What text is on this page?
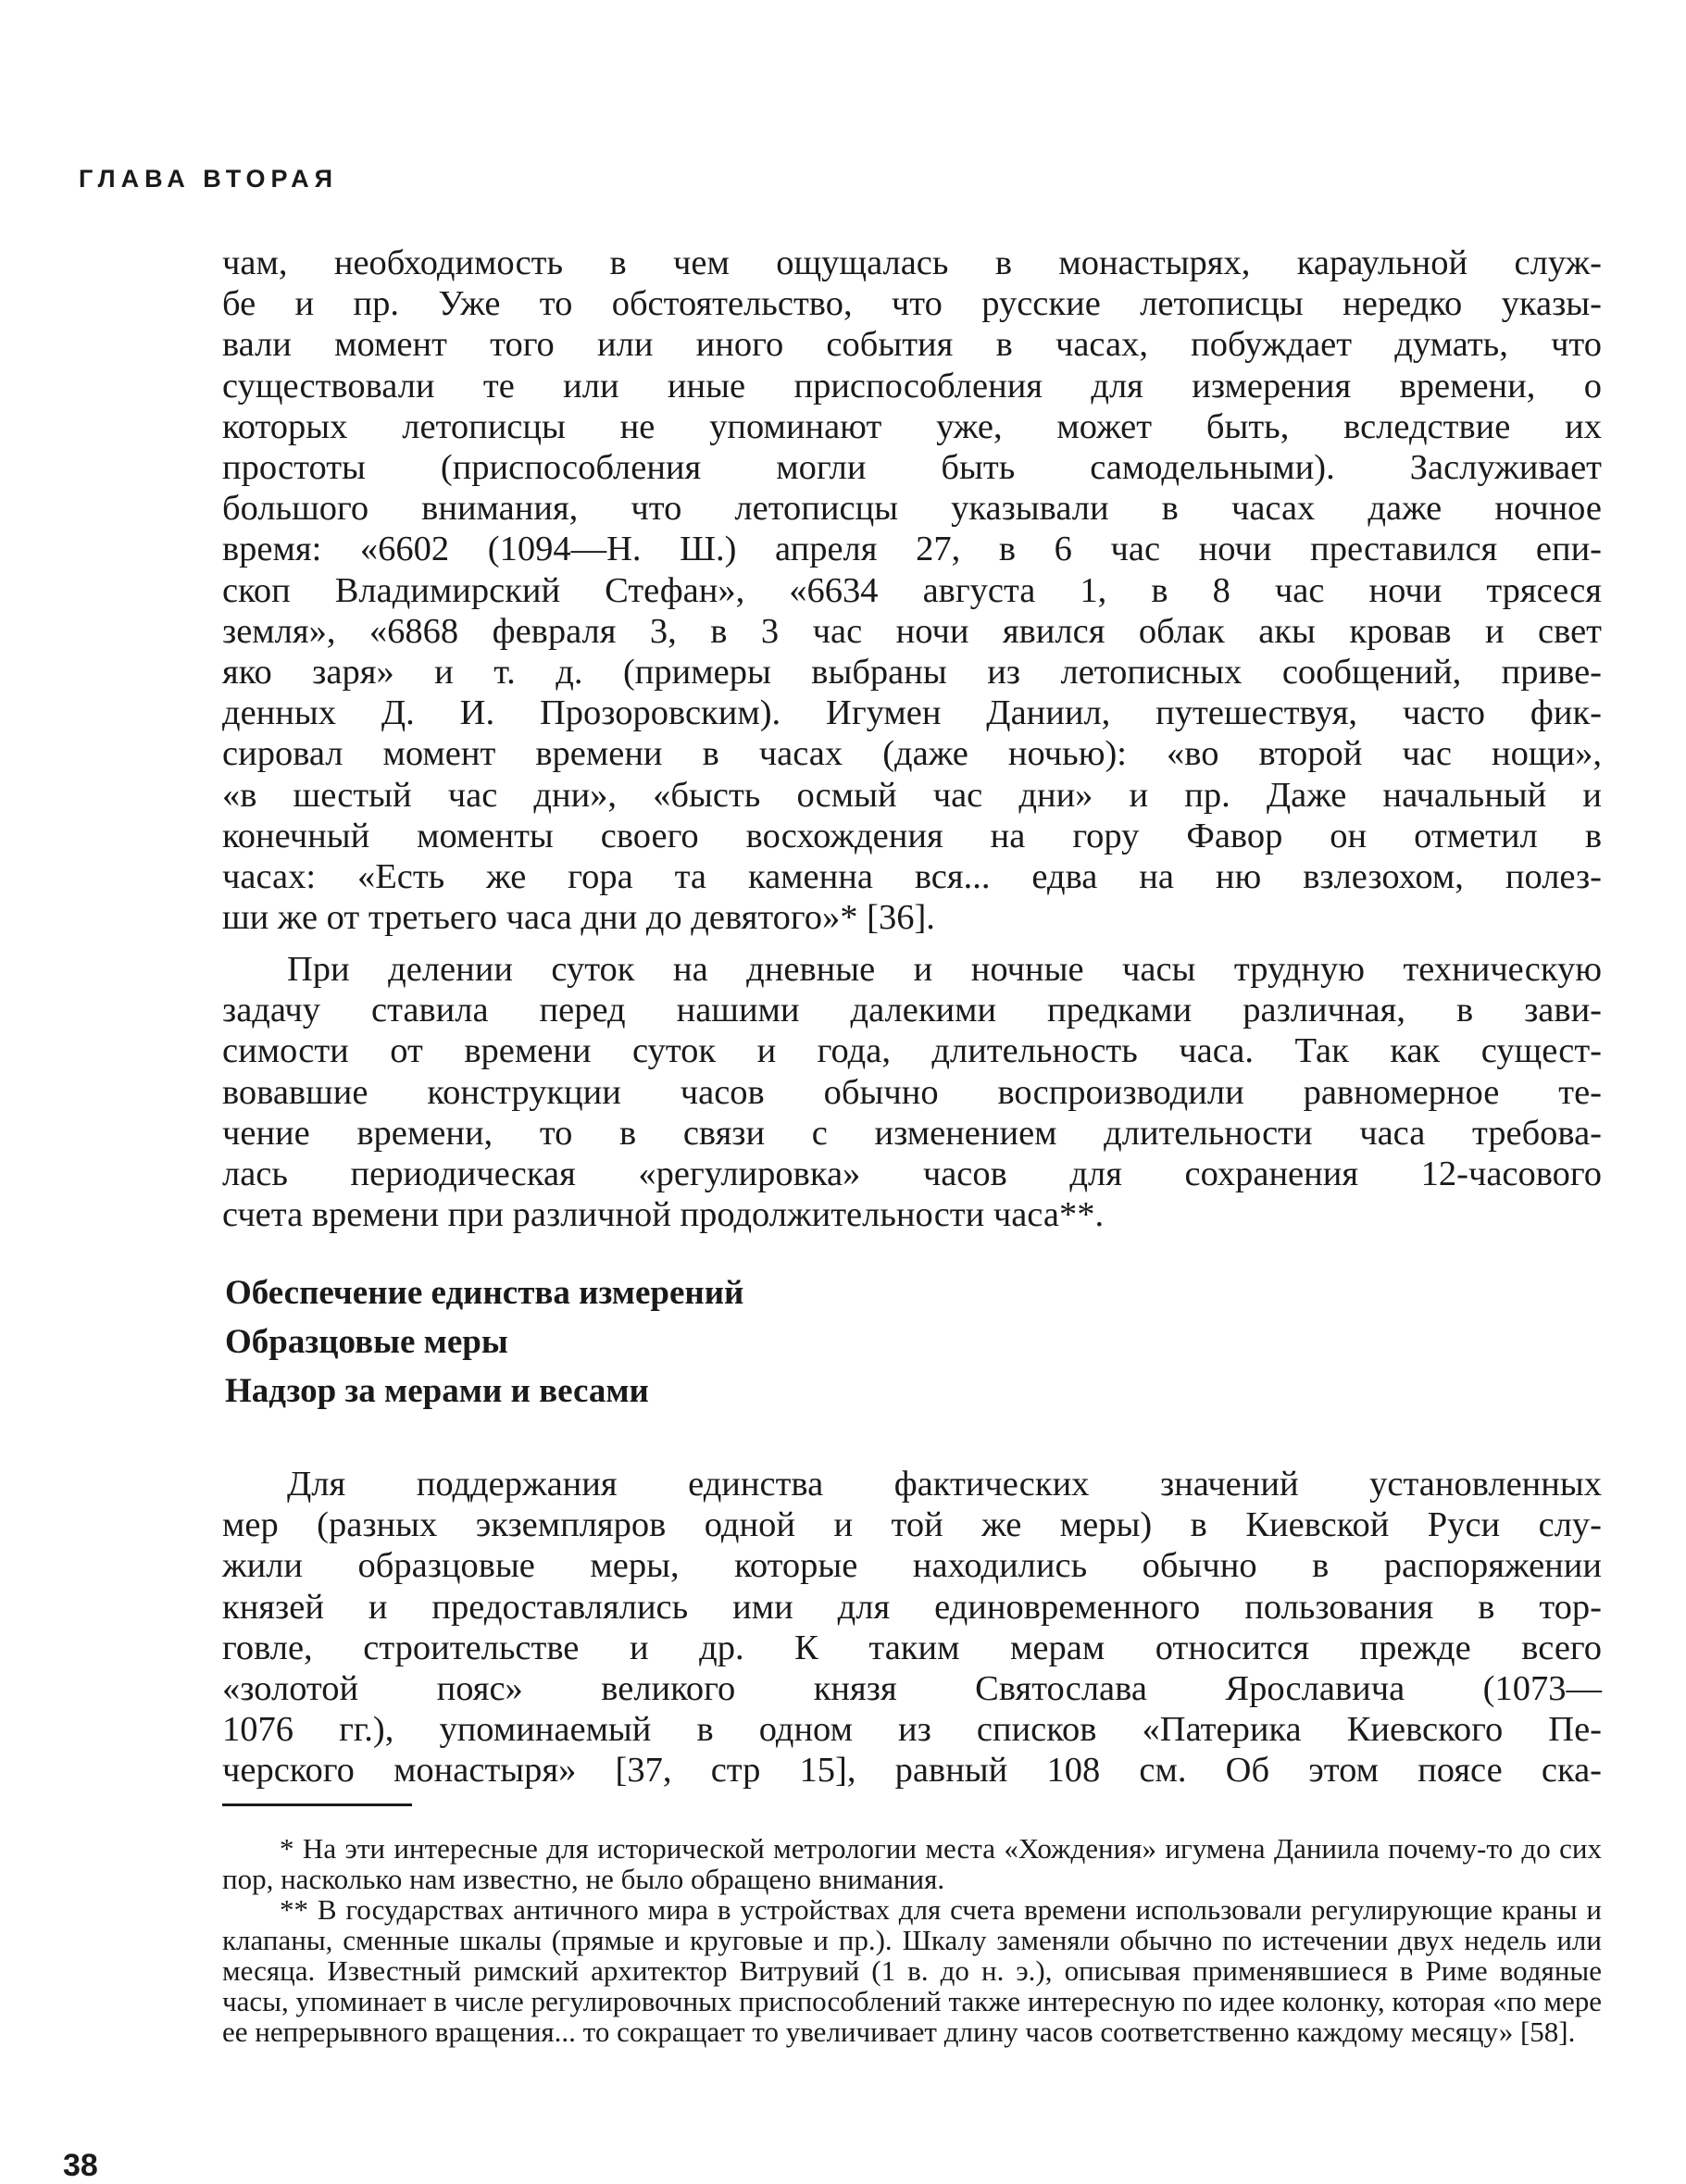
ГЛАВА ВТОРАЯ
чам, необходимость в чем ощущалась в монастырях, караульной служ-
бе и пр. Уже то обстоятельство, что русские летописцы нередко указы-
вали момент того или иного события в часах, побуждает думать, что
существовали те или иные приспособления для измерения времени, о
которых летописцы не упоминают уже, может быть, вследствие их
простоты (приспособления могли быть самодельными). Заслуживает
большого внимания, что летописцы указывали в часах даже ночное
время: «6602 (1094—Н. Ш.) апреля 27, в 6 час ночи преставился епи-
скоп Владимирский Стефан», «6634 августа 1, в 8 час ночи трясеся
земля», «6868 февраля 3, в 3 час ночи явился облак акы кровав и свет
яко заря» и т. д. (примеры выбраны из летописных сообщений, приве-
денных Д. И. Прозоровским). Игумен Даниил, путешествуя, часто фик-
сировал момент времени в часах (даже ночью): «во второй час нощи»,
«в шестый час дни», «бысть осмый час дни» и пр. Даже начальный и
конечный моменты своего восхождения на гору Фавор он отметил в
часах: «Есть же гора та каменна вся... едва на ню взлезохом, полез-
ши же от третьего часа дни до девятого»* [36].
При делении суток на дневные и ночные часы трудную техническую
задачу ставила перед нашими далекими предками различная, в зави-
симости от времени суток и года, длительность часа. Так как сущест-
вовавшие конструкции часов обычно воспроизводили равномерное те-
чение времени, то в связи с изменением длительности часа требова-
лась периодическая «регулировка» часов для сохранения 12-часового
счета времени при различной продолжительности часа**.
Обеспечение единства измерений
Образцовые меры
Надзор за мерами и весами
Для поддержания единства фактических значений установленных
мер (разных экземпляров одной и той же меры) в Киевской Руси слу-
жили образцовые меры, которые находились обычно в распоряжении
князей и предоставлялись ими для единовременного пользования в тор-
говле, строительстве и др. К таким мерам относится прежде всего
«золотой пояс» великого князя Святослава Ярославича (1073—
1076 гг.), упоминаемый в одном из списков «Патерика Киевского Пе-
черского монастыря» [37, стр 15], равный 108 см. Об этом поясе ска-

* На эти интересные для исторической метрологии места «Хождения» игумена Даниила почему-то до сих пор, насколько нам известно, не было обращено внимания.

** В государствах античного мира в устройствах для счета времени использовали регулирующие краны и клапаны, сменные шкалы (прямые и круговые и пр.). Шкалу заменяли обычно по истечении двух недель или месяца. Известный римский архитектор Витрувий (1 в. до н. э.), описывая применявшиеся в Риме водяные часы, упоминает в числе регулировочных приспособлений также интересную по идее колонку, которая «по мере ее непрерывного вращения... то сокращает то увеличивает длину часов соответственно каждому месяцу» [58].

38
